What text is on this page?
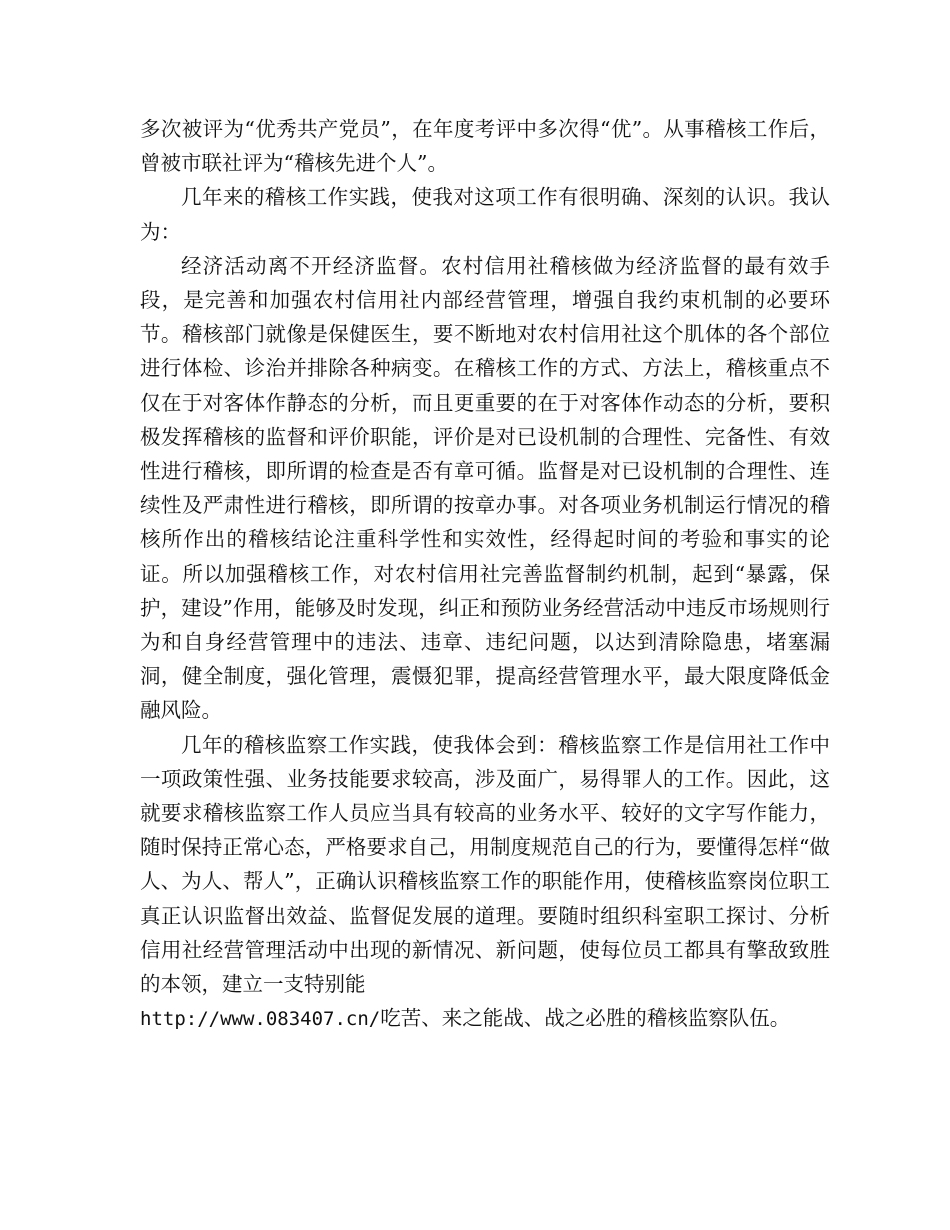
多次被评为“优秀共产党员”，在年度考评中多次得“优”。从事稽核工作后，曾被市联社评为“稽核先进个人”。

几年来的稽核工作实践，使我对这项工作有很明确、深刻的认识。我认为：

经济活动离不开经济监督。农村信用社稽核做为经济监督的最有效手段，是完善和加强农村信用社内部经营管理，增强自我约束机制的必要环节。稽核部门就像是保健医生，要不断地对农村信用社这个肌体的各个部位进行体检、诊治并排除各种病变。在稽核工作的方式、方法上，稽核重点不仅在于对客体作静态的分析，而且更重要的在于对客体作动态的分析，要积极发挥稽核的监督和评价职能，评价是对已设机制的合理性、完备性、有效性进行稽核，即所谓的检查是否有章可循。监督是对已设机制的合理性、连续性及严肃性进行稽核，即所谓的按章办事。对各项业务机制运行情况的稽核所作出的稽核结论注重科学性和实效性，经得起时间的考验和事实的论证。所以加强稽核工作，对农村信用社完善监督制约机制，起到“暴露，保护，建设”作用，能够及时发现，纠正和预防业务经营活动中违反市场规则行为和自身经营管理中的违法、违章、违纪问题，以达到清除隐患，堵塞漏洞，健全制度，强化管理，震慑犯罪，提高经营管理水平，最大限度降低金融风险。

几年的稽核监察工作实践，使我体会到：稽核监察工作是信用社工作中一项政策性强、业务技能要求较高，涉及面广，易得罪人的工作。因此，这就要求稽核监察工作人员应当具有较高的业务水平、较好的文字写作能力，随时保持正常心态，严格要求自己，用制度规范自己的行为，要懂得怎样“做人、为人、帮人”，正确认识稽核监察工作的职能作用，使稽核监察岗位职工真正认识监督出效益、监督促发展的道理。要随时组织科室职工探讨、分析信用社经营管理活动中出现的新情况、新问题，使每位员工都具有擎敌致胜的本领，建立一支特别能

http://www.083407.cn/吃苦、来之能战、战之必胜的稽核监察队伍。
